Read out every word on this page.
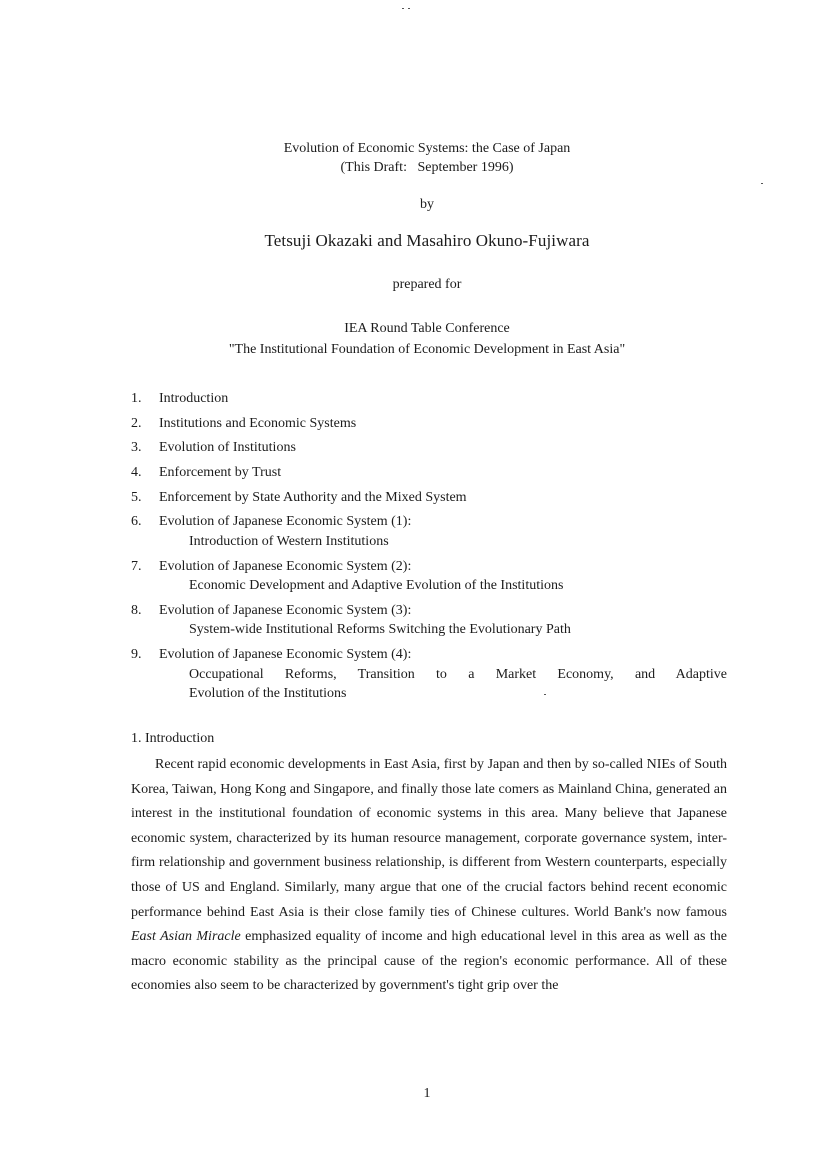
Evolution of Economic Systems: the Case of Japan
(This Draft:   September 1996)
by
Tetsuji Okazaki and Masahiro Okuno-Fujiwara
prepared for
IEA Round Table Conference
"The Institutional Foundation of Economic Development in East Asia"
1. Introduction
2. Institutions and Economic Systems
3. Evolution of Institutions
4. Enforcement by Trust
5. Enforcement by State Authority and the Mixed System
6. Evolution of Japanese Economic System (1):
Introduction of Western Institutions
7. Evolution of Japanese Economic System (2):
Economic Development and Adaptive Evolution of the Institutions
8. Evolution of Japanese Economic System (3):
System-wide Institutional Reforms Switching the Evolutionary Path
9. Evolution of Japanese Economic System (4):
Occupational Reforms, Transition to a Market Economy, and Adaptive
Evolution of the Institutions
1. Introduction

Recent rapid economic developments in East Asia, first by Japan and then by so-called NIEs of South Korea, Taiwan, Hong Kong and Singapore, and finally those late comers as Mainland China, generated an interest in the institutional foundation of economic systems in this area. Many believe that Japanese economic system, characterized by its human resource management, corporate governance system, inter-firm relationship and government business relationship, is different from Western counterparts, especially those of US and England. Similarly, many argue that one of the crucial factors behind recent economic performance behind East Asia is their close family ties of Chinese cultures. World Bank's now famous East Asian Miracle emphasized equality of income and high educational level in this area as well as the macro economic stability as the principal cause of the region's economic performance. All of these economies also seem to be characterized by government's tight grip over the

1
